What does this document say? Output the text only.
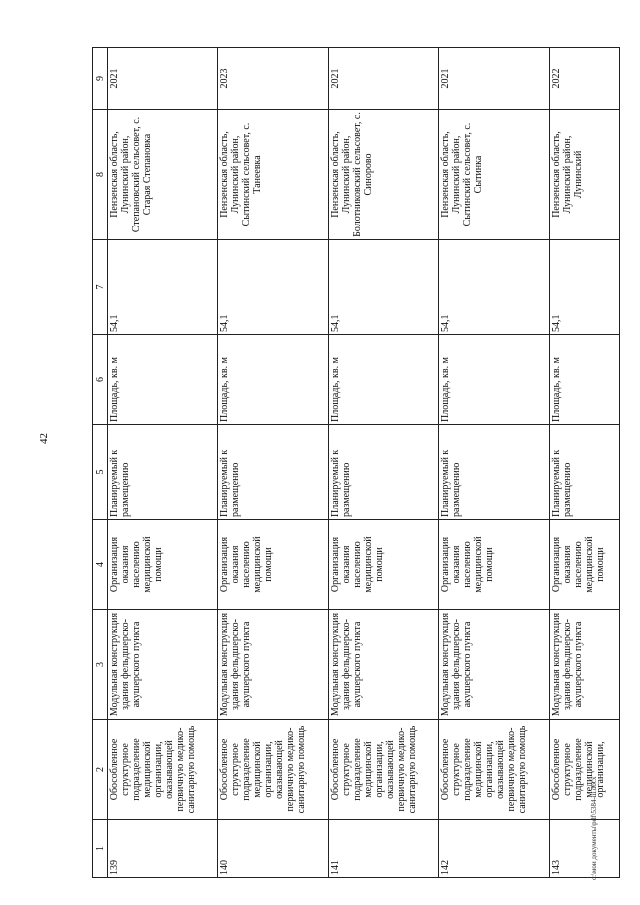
42
1	2	3	4	5	6	7	8	9
139	Обособленное структурное подразделение медицинской организации, оказывающей первичную медико-санитарную помощь	Модульная конструкция здания фельдшерско-акушерского пункта	Организация оказания населению медицинской помощи	Планируемый к размещению	Площадь, кв. м	54,1	Пензенская область, Лунинский район, Степановский сельсовет, с. Старая Степановка	2021
140	Обособленное структурное подразделение медицинской организации, оказывающей первичную медико-санитарную помощь	Модульная конструкция здания фельдшерско-акушерского пункта	Организация оказания населению медицинской помощи	Планируемый к размещению	Площадь, кв. м	54,1	Пензенская область, Лунинский район, Сытинский сельсовет, с. Танеевка	2023
141	Обособленное структурное подразделение медицинской организации, оказывающей первичную медико-санитарную помощь	Модульная конструкция здания фельдшерско-акушерского пункта	Организация оказания населению медицинской помощи	Планируемый к размещению	Площадь, кв. м	54,1	Пензенская область, Лунинский район, Болотниковский сельсовет, с. Синорово	2021
142	Обособленное структурное подразделение медицинской организации, оказывающей первичную медико-санитарную помощь	Модульная конструкция здания фельдшерско-акушерского пункта	Организация оказания населению медицинской помощи	Планируемый к размещению	Площадь, кв. м	54,1	Пензенская область, Лунинский район, Сытинский сельсовет, с. Сытинка	2021
143	Обособленное структурное подразделение медицинской организации,	Модульная конструкция здания фельдшерско-акушерского пункта	Организация оказания населению медицинской помощи	Планируемый к размещению	Площадь, кв. м	54,1	Пензенская область, Лунинский район, Лунинский	2022
c:\мои документы\pdf\5384-ш.docx
